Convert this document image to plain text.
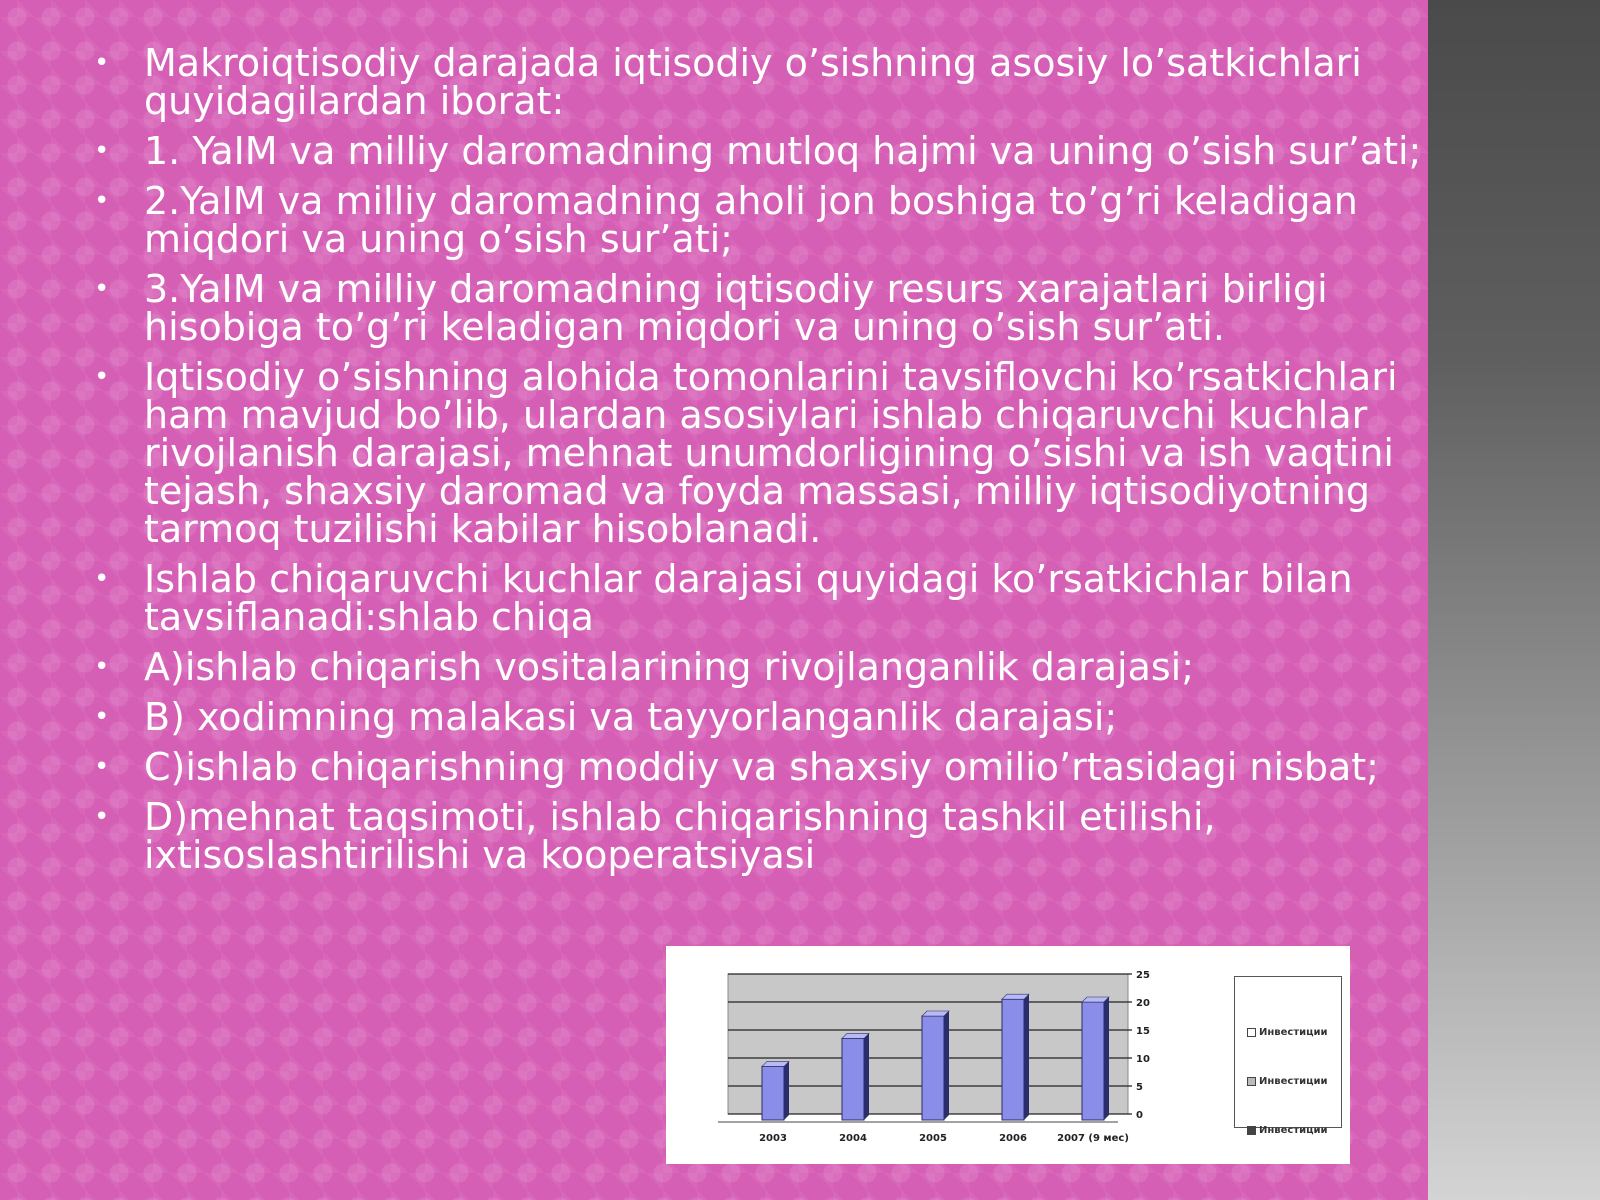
• Makroiqtisodiy darajada iqtisodiy o’sishning asosiy lo’satkichlari quyidagilardan iborat:
• 1. YaIM va milliy daromadning mutloq hajmi va uning o’sish sur’ati;
• 2.YaIM va milliy daromadning aholi jon boshiga to’g’ri keladigan miqdori va uning o’sish sur’ati;
• 3.YaIM va milliy daromadning iqtisodiy resurs xarajatlari birligi hisobiga to’g’ri keladigan miqdori va uning o’sish sur’ati.
• Iqtisodiy o’sishning alohida tomonlarini tavsiflovchi ko’rsatkichlari ham mavjud bo’lib, ulardan asosiylari ishlab chiqaruvchi kuchlar rivojlanish darajasi, mehnat unumdorligining o’sishi va ish vaqtini tejash, shaxsiy daromad va foyda massasi, milliy iqtisodiyotning tarmoq tuzilishi kabilar hisoblanadi.
• Ishlab chiqaruvchi kuchlar darajasi quyidagi ko’rsatkichlar bilan tavsiflanadi:shlab chiqa
• A)ishlab chiqarish vositalarining rivojlanganlik darajasi;
• B) xodimning malakasi va tayyorlanganlik darajasi;
• C)ishlab chiqarishning moddiy va shaxsiy omilio’rtasidagi nisbat;
• D)mehnat taqsimoti, ishlab chiqarishning tashkil etilishi, ixtisoslashtirilishi va kooperatsiyasi
25
20
15
10
5
0
2003	2004	2005	2006	2007 (9 мес)
Инвестиции
Инвестиции
Инвестиции
